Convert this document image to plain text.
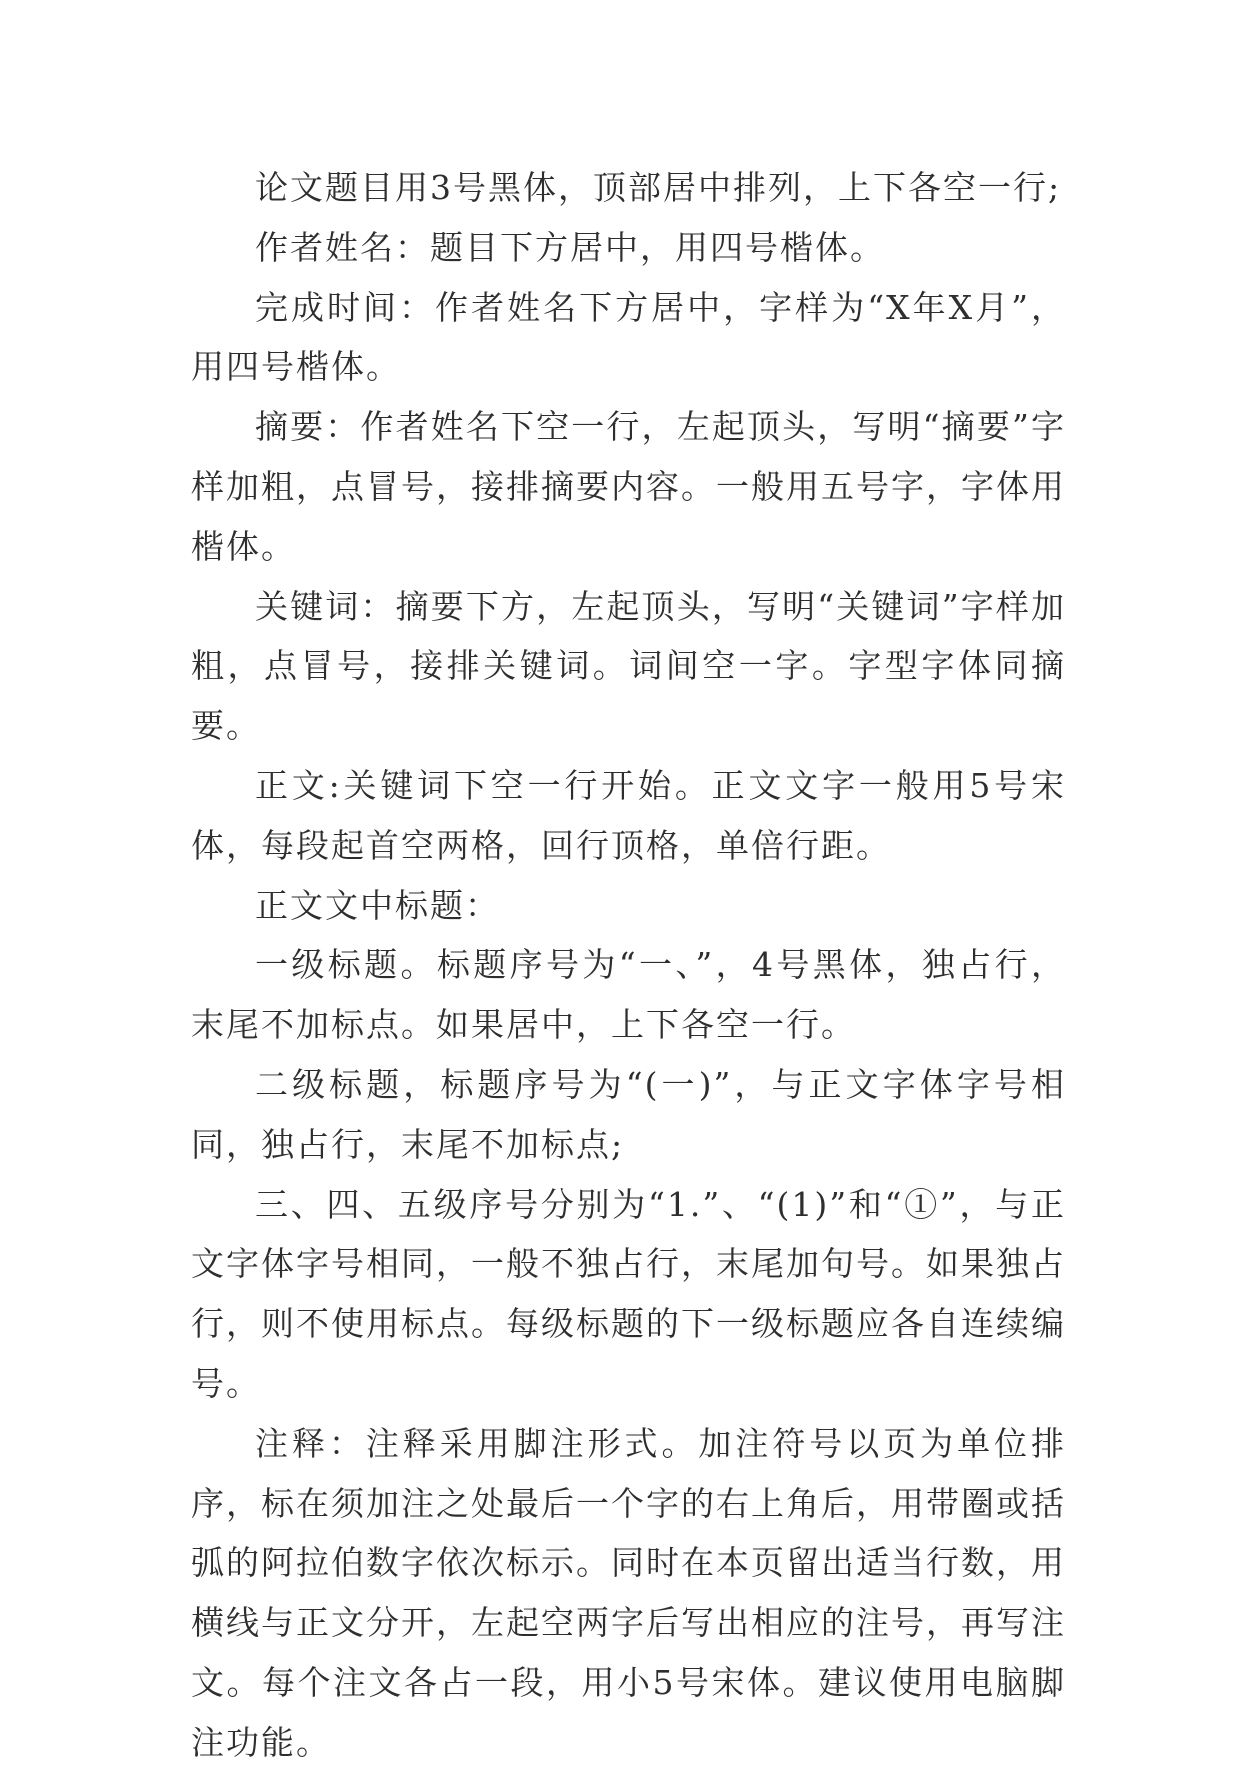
论文题目用3号黑体，顶部居中排列，上下各空一行;

作者姓名：题目下方居中，用四号楷体。

完成时间：作者姓名下方居中，字样为“X年X月”，用四号楷体。

摘要：作者姓名下空一行，左起顶头，写明“摘要”字样加粗，点冒号，接排摘要内容。一般用五号字，字体用楷体。

关键词：摘要下方，左起顶头，写明“关键词”字样加粗，点冒号，接排关键词。词间空一字。字型字体同摘要。

正文:关键词下空一行开始。正文文字一般用5号宋体，每段起首空两格，回行顶格，单倍行距。

正文文中标题：

一级标题。标题序号为“一、”，4号黑体，独占行，末尾不加标点。如果居中，上下各空一行。

二级标题，标题序号为“(一)”，与正文字体字号相同，独占行，末尾不加标点;

三、四、五级序号分别为“1.”、“(1)”和“①”，与正文字体字号相同，一般不独占行，末尾加句号。如果独占行，则不使用标点。每级标题的下一级标题应各自连续编号。

注释：注释采用脚注形式。加注符号以页为单位排序，标在须加注之处最后一个字的右上角后，用带圈或括弧的阿拉伯数字依次标示。同时在本页留出适当行数，用横线与正文分开，左起空两字后写出相应的注号，再写注文。每个注文各占一段，用小5号宋体。建议使用电脑脚注功能。
